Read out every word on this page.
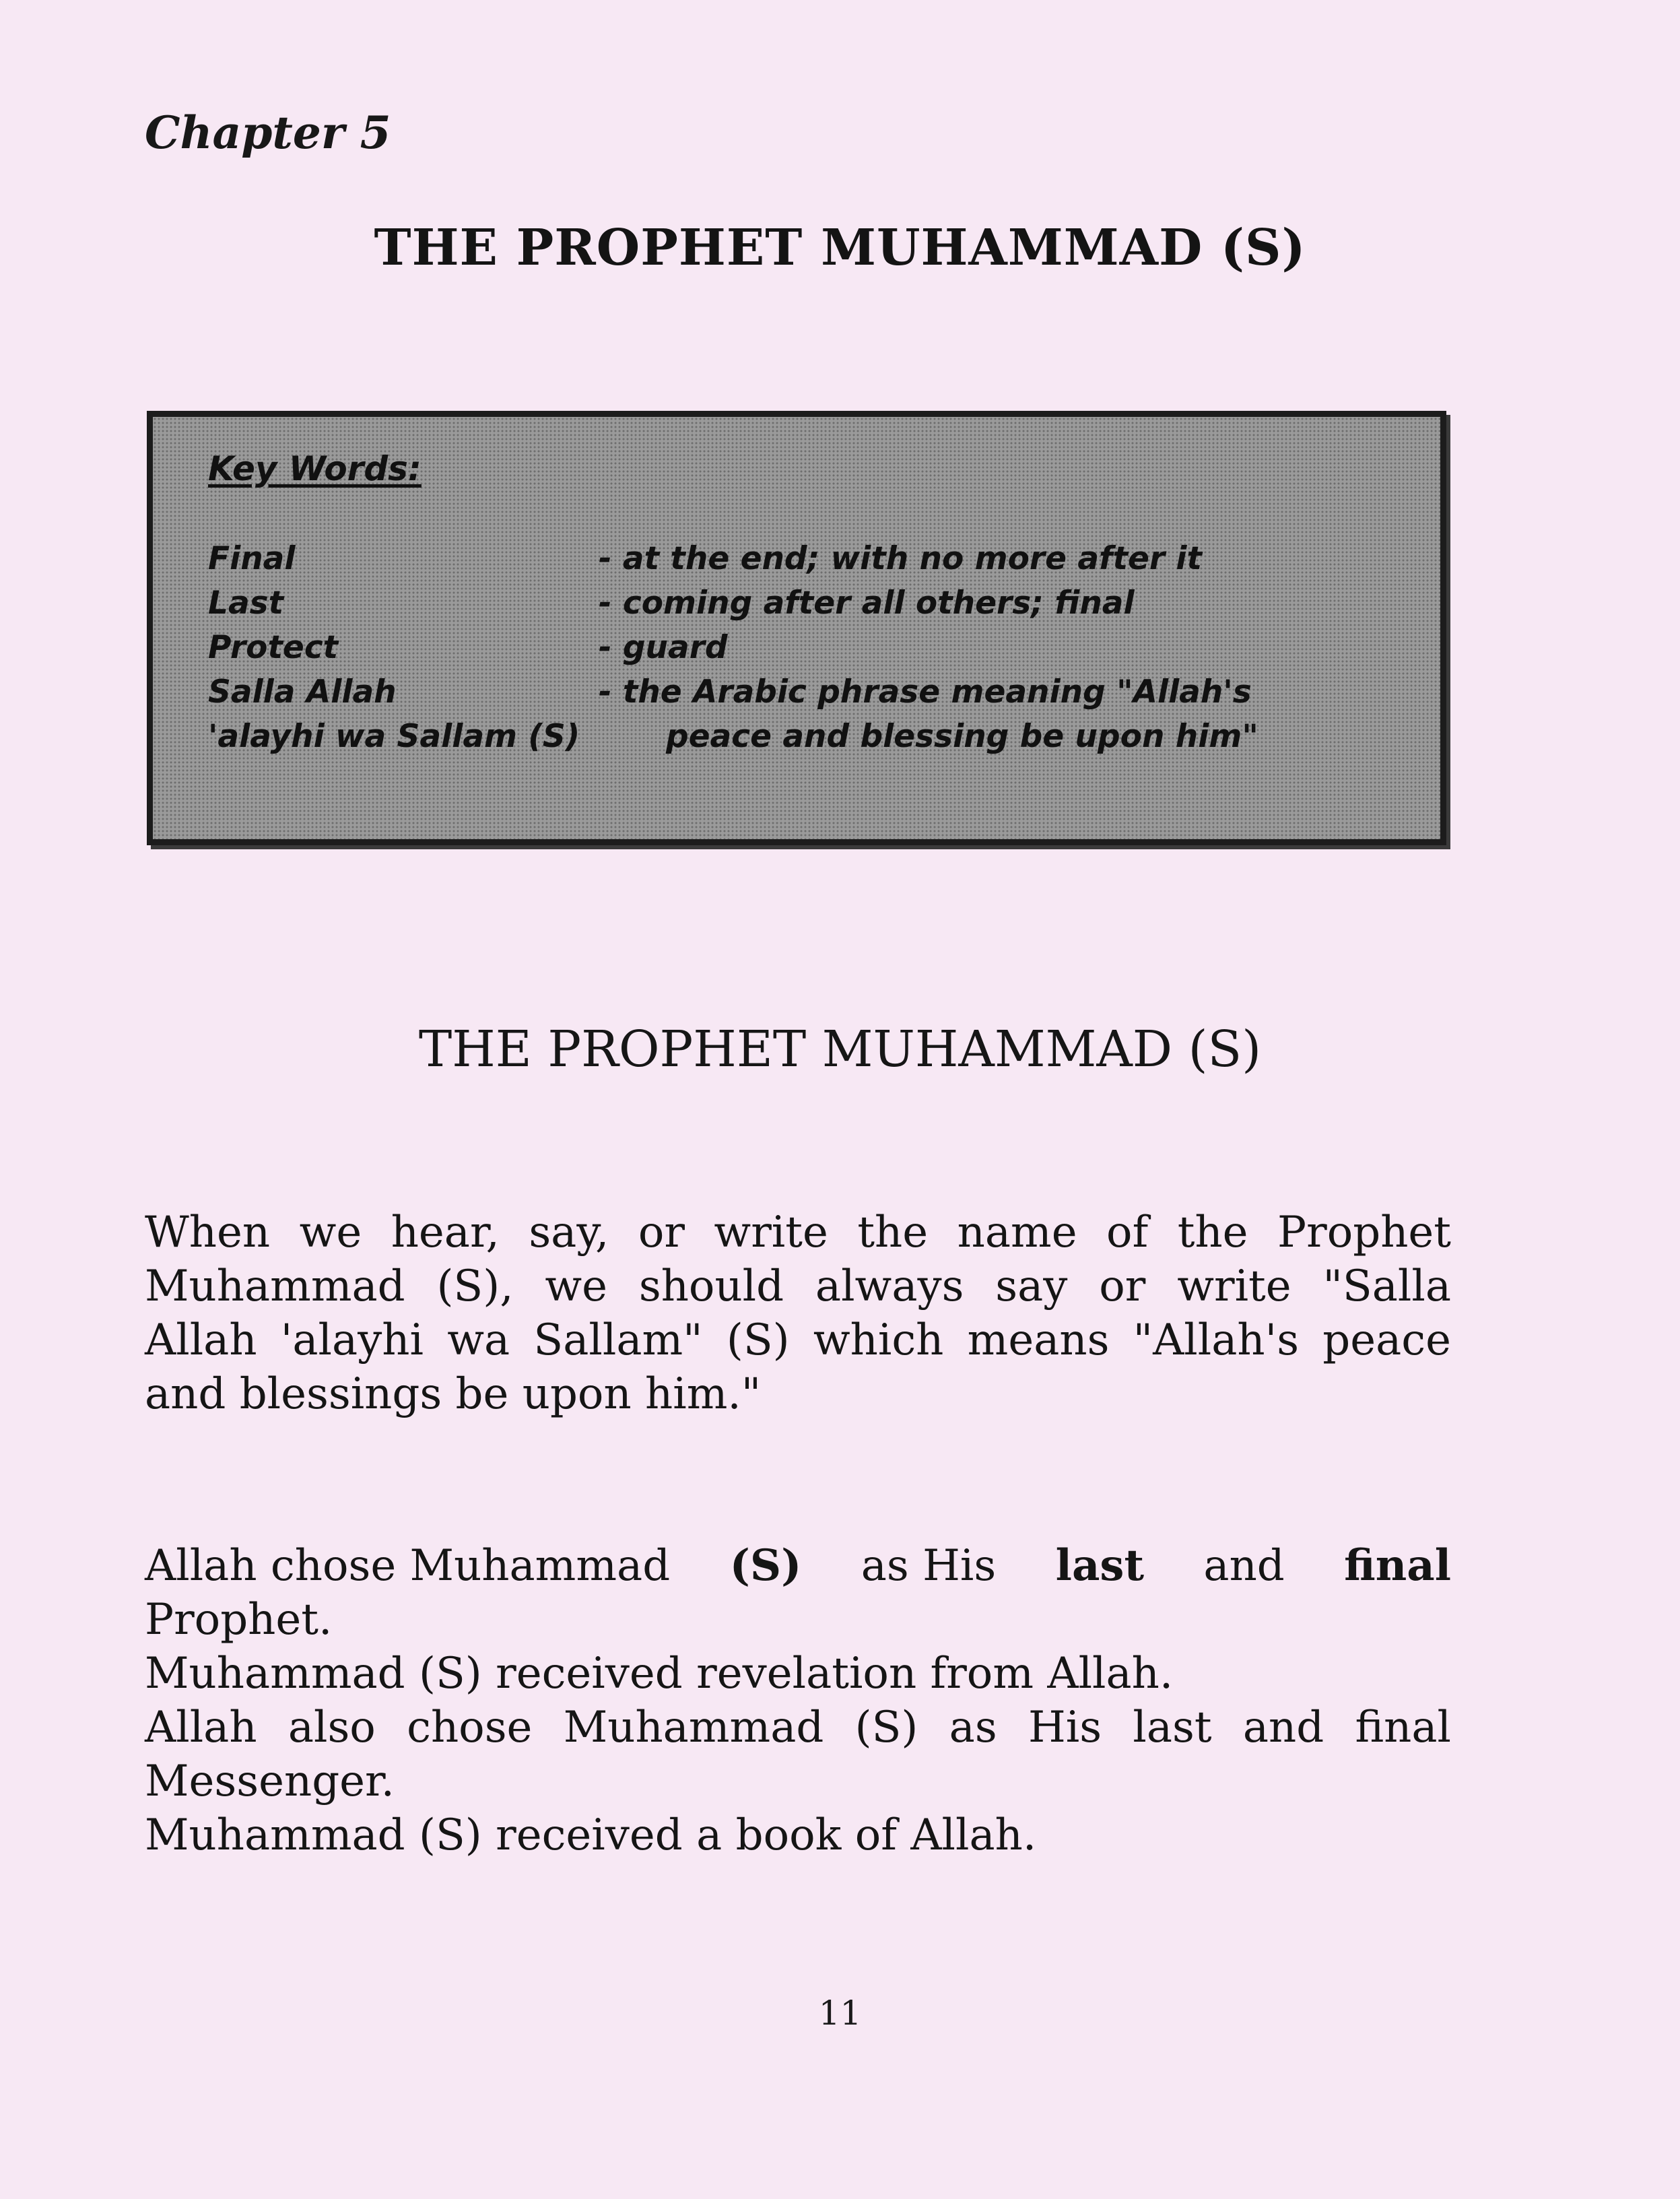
Chapter 5
THE PROPHET MUHAMMAD (S)
Key Words:
Final	- at the end; with no more after it
Last	- coming after all others; final
Protect	- guard
Salla Allah	- the Arabic phrase meaning "Allah's
'alayhi wa Sallam (S)	peace and blessing be upon him"
THE PROPHET MUHAMMAD (S)
When we hear, say, or write the name of the Prophet
Muhammad (S), we should always say or write "Salla
Allah 'alayhi wa Sallam" (S) which means "Allah's peace
and blessings be upon him."
Allah chose Muhammad (S) as His last and final
Prophet.
Muhammad (S) received revelation from Allah.
Allah also chose Muhammad (S) as His last and final
Messenger.
Muhammad (S) received a book of Allah.
11
